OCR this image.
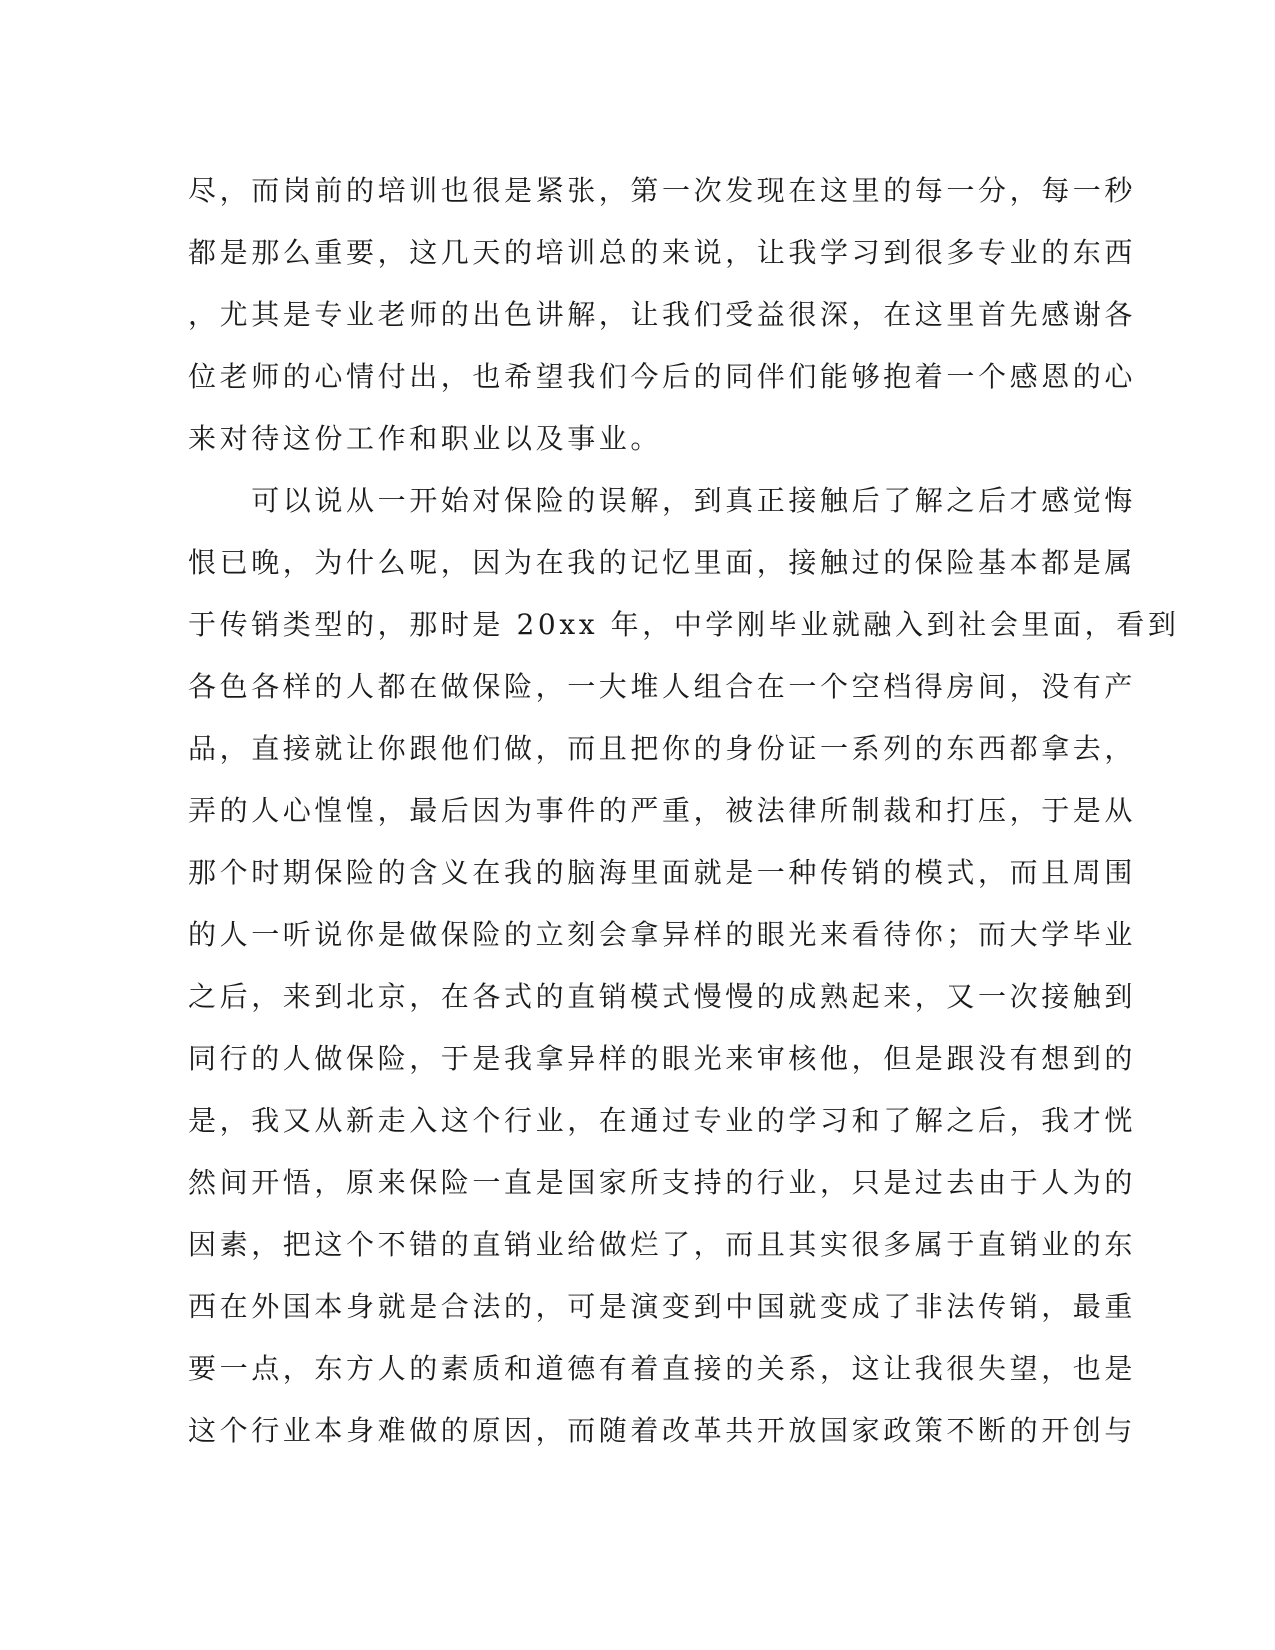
尽，而岗前的培训也很是紧张，第一次发现在这里的每一分，每一秒
都是那么重要，这几天的培训总的来说，让我学习到很多专业的东西
，尤其是专业老师的出色讲解，让我们受益很深，在这里首先感谢各
位老师的心情付出，也希望我们今后的同伴们能够抱着一个感恩的心
来对待这份工作和职业以及事业。
　　可以说从一开始对保险的误解，到真正接触后了解之后才感觉悔
恨已晚，为什么呢，因为在我的记忆里面，接触过的保险基本都是属
于传销类型的，那时是 20xx 年，中学刚毕业就融入到社会里面，看到
各色各样的人都在做保险，一大堆人组合在一个空档得房间，没有产
品，直接就让你跟他们做，而且把你的身份证一系列的东西都拿去，
弄的人心惶惶，最后因为事件的严重，被法律所制裁和打压，于是从
那个时期保险的含义在我的脑海里面就是一种传销的模式，而且周围
的人一听说你是做保险的立刻会拿异样的眼光来看待你；而大学毕业
之后，来到北京，在各式的直销模式慢慢的成熟起来，又一次接触到
同行的人做保险，于是我拿异样的眼光来审核他，但是跟没有想到的
是，我又从新走入这个行业，在通过专业的学习和了解之后，我才恍
然间开悟，原来保险一直是国家所支持的行业，只是过去由于人为的
因素，把这个不错的直销业给做烂了，而且其实很多属于直销业的东
西在外国本身就是合法的，可是演变到中国就变成了非法传销，最重
要一点，东方人的素质和道德有着直接的关系，这让我很失望，也是
这个行业本身难做的原因，而随着改革共开放国家政策不断的开创与
